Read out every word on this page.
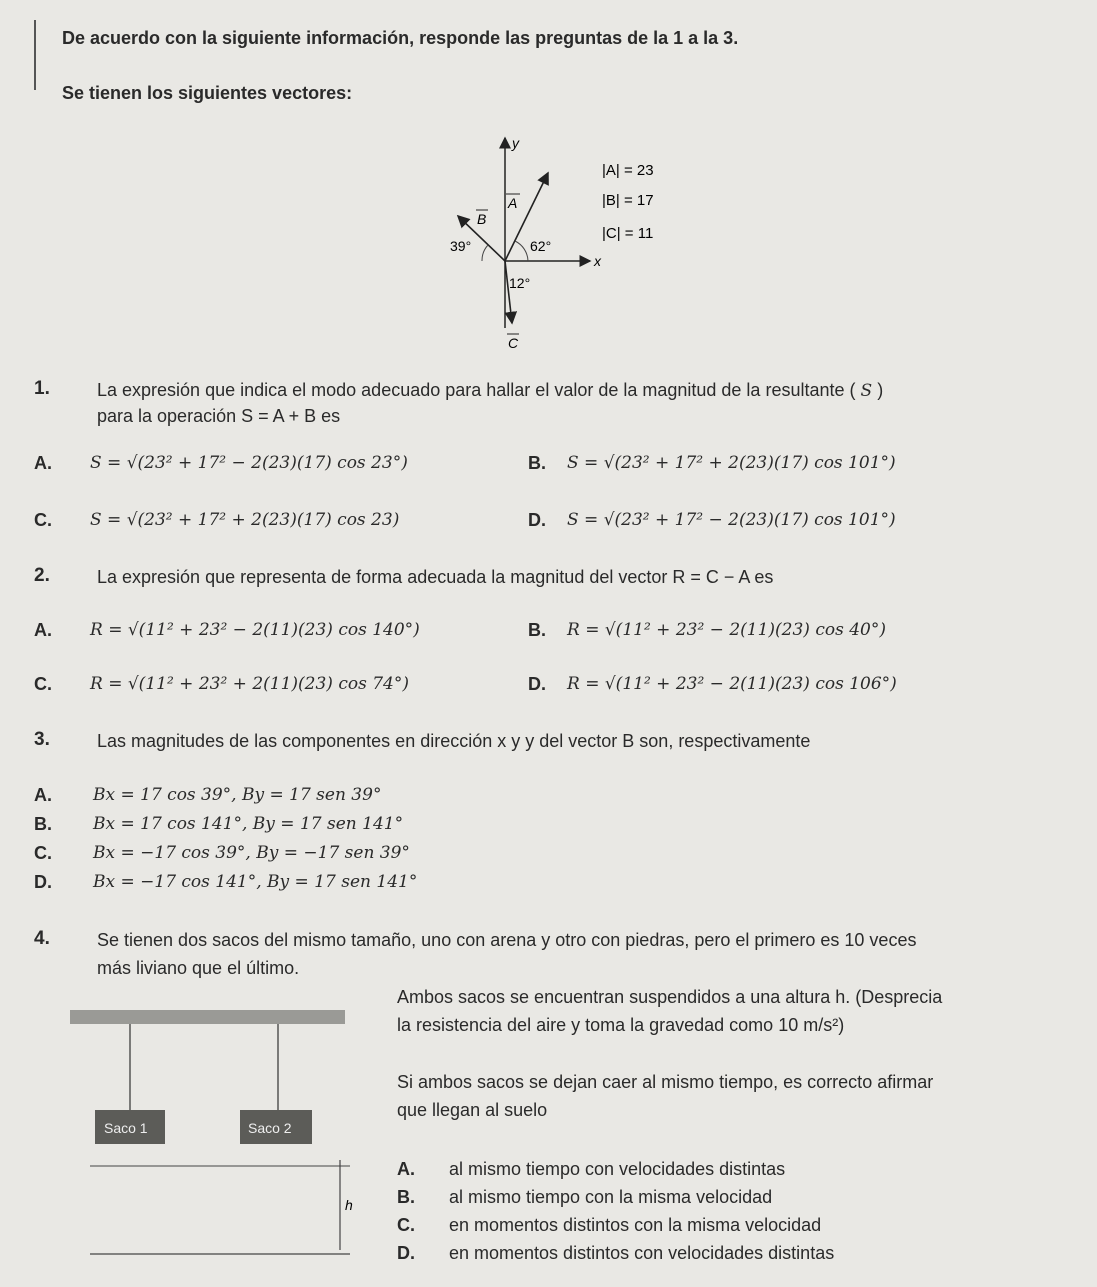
De acuerdo con la siguiente información, responde las preguntas de la 1 a la 3.
Se tienen los siguientes vectores:
y
x
A
B
C
39°	62°
12°
|A| = 23
|B| = 17
|C| = 11
1.	La expresión que indica el modo adecuado para hallar el valor de la magnitud de la resultante ( S )
para la operación S = A + B es
A. S = √(23² + 17² − 2(23)(17) cos 23°)	B. S = √(23² + 17² + 2(23)(17) cos 101°)
C. S = √(23² + 17² + 2(23)(17) cos 23)	D. S = √(23² + 17² − 2(23)(17) cos 101°)
2.	La expresión que representa de forma adecuada la magnitud del vector R = C − A es
A. R = √(11² + 23² − 2(11)(23) cos 140°)	B. R = √(11² + 23² − 2(11)(23) cos 40°)
C. R = √(11² + 23² + 2(11)(23) cos 74°)	D. R = √(11² + 23² − 2(11)(23) cos 106°)
3.	Las magnitudes de las componentes en dirección x y y del vector B son, respectivamente
A. Bx = 17 cos 39°, By = 17 sen 39°
B. Bx = 17 cos 141°, By = 17 sen 141°
C. Bx = −17 cos 39°, By = −17 sen 39°
D. Bx = −17 cos 141°, By = 17 sen 141°
4.	Se tienen dos sacos del mismo tamaño, uno con arena y otro con piedras, pero el primero es 10 veces
más liviano que el último.
Ambos sacos se encuentran suspendidos a una altura h. (Desprecia
la resistencia del aire y toma la gravedad como 10 m/s²)
Si ambos sacos se dejan caer al mismo tiempo, es correcto afirmar
que llegan al suelo
Saco 1	Saco 2
h
A. al mismo tiempo con velocidades distintas
B. al mismo tiempo con la misma velocidad
C. en momentos distintos con la misma velocidad
D. en momentos distintos con velocidades distintas
